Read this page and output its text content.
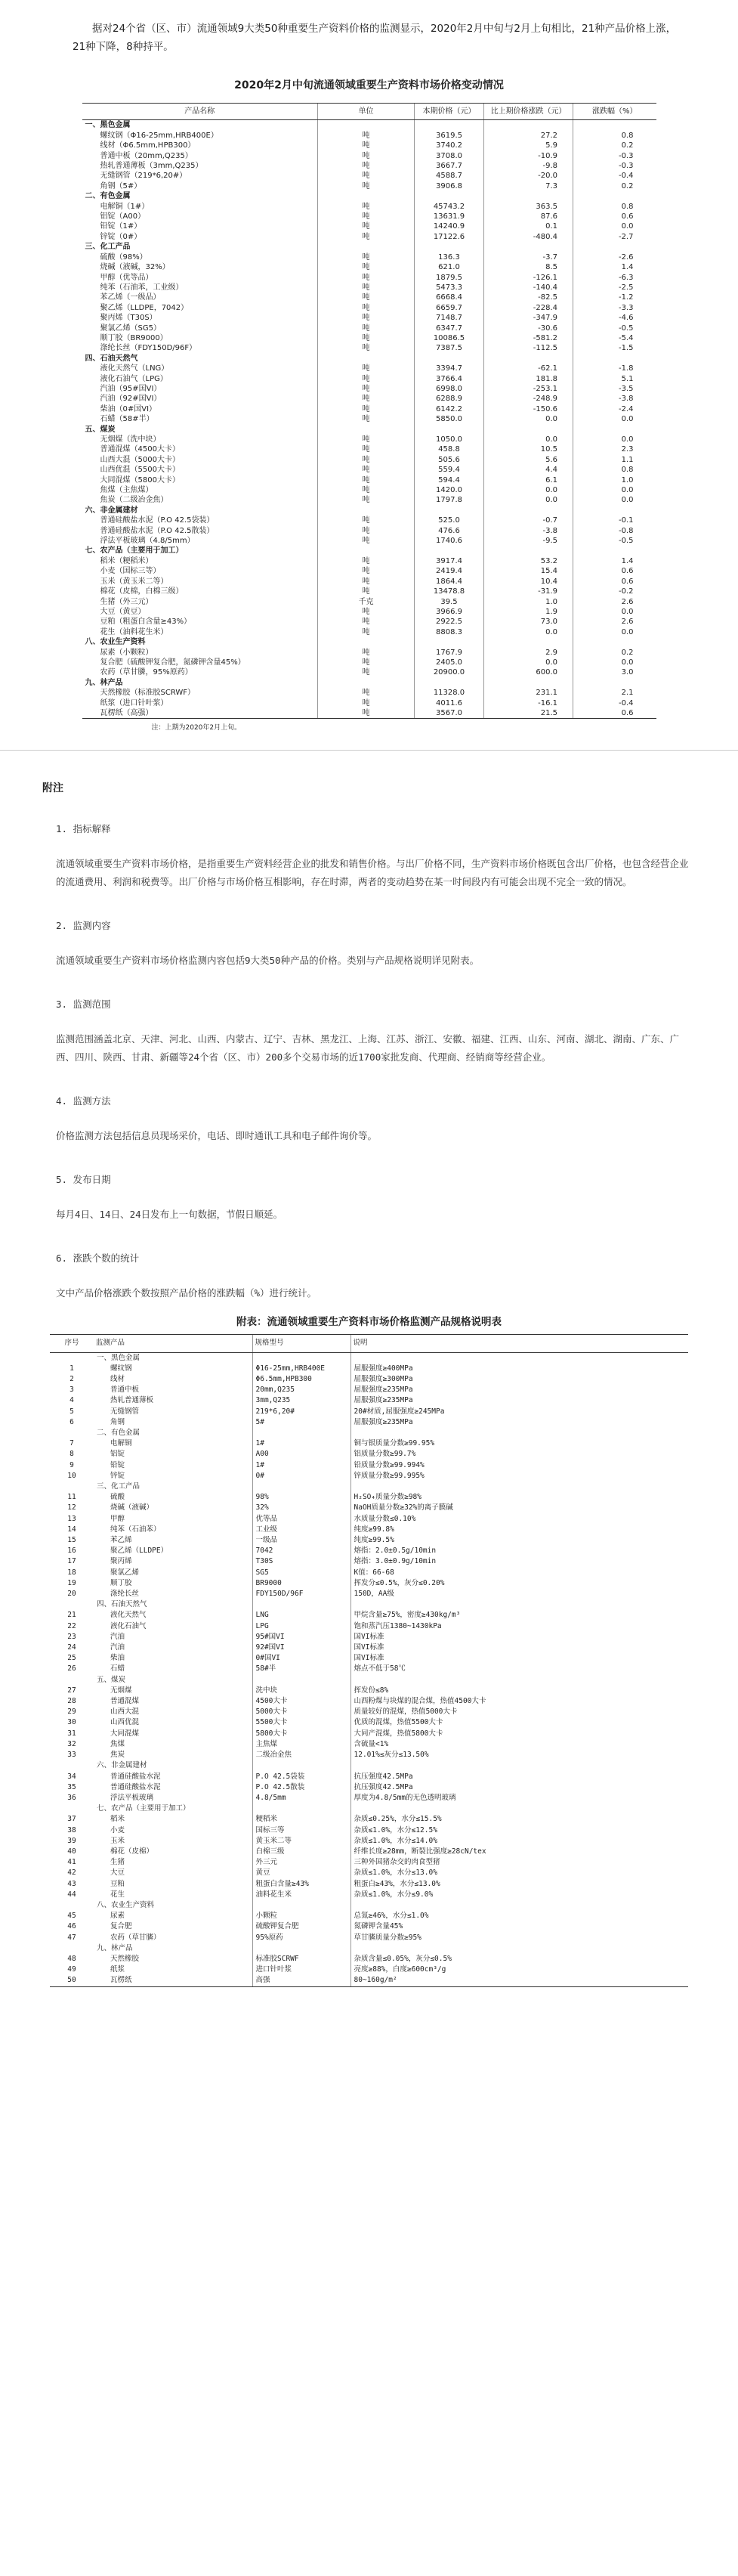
据对24个省（区、市）流通领域9大类50种重要生产资料价格的监测显示，2020年2月中旬与2月上旬相比，21种产品价格上涨，21种下降，8种持平。

2020年2月中旬流通领域重要生产资料市场价格变动情况
产品名称	单位	本期价格（元）	比上期价格涨跌（元）	涨跌幅（%）
一、黑色金属				
螺纹钢（Φ16-25mm,HRB400E）	吨	3619.5	27.2	0.8
线材（Φ6.5mm,HPB300）	吨	3740.2	5.9	0.2
普通中板（20mm,Q235）	吨	3708.0	-10.9	-0.3
热轧普通薄板（3mm,Q235）	吨	3667.7	-9.8	-0.3
无缝钢管（219*6,20#）	吨	4588.7	-20.0	-0.4
角钢（5#）	吨	3906.8	7.3	0.2
二、有色金属				
电解铜（1#）	吨	45743.2	363.5	0.8
铝锭（A00）	吨	13631.9	87.6	0.6
铅锭（1#）	吨	14240.9	0.1	0.0
锌锭（0#）	吨	17122.6	-480.4	-2.7
三、化工产品				
硫酸（98%）	吨	136.3	-3.7	-2.6
烧碱（液碱，32%）	吨	621.0	8.5	1.4
甲醇（优等品）	吨	1879.5	-126.1	-6.3
纯苯（石油苯，工业级）	吨	5473.3	-140.4	-2.5
苯乙烯（一级品）	吨	6668.4	-82.5	-1.2
聚乙烯（LLDPE，7042）	吨	6659.7	-228.4	-3.3
聚丙烯（T30S）	吨	7148.7	-347.9	-4.6
聚氯乙烯（SG5）	吨	6347.7	-30.6	-0.5
顺丁胶（BR9000）	吨	10086.5	-581.2	-5.4
涤纶长丝（FDY150D/96F）	吨	7387.5	-112.5	-1.5
四、石油天然气				
液化天然气（LNG）	吨	3394.7	-62.1	-1.8
液化石油气（LPG）	吨	3766.4	181.8	5.1
汽油（95#国VI）	吨	6998.0	-253.1	-3.5
汽油（92#国VI）	吨	6288.9	-248.9	-3.8
柴油（0#国VI）	吨	6142.2	-150.6	-2.4
石蜡（58#半）	吨	5850.0	0.0	0.0
五、煤炭				
无烟煤（洗中块）	吨	1050.0	0.0	0.0
普通混煤（4500大卡）	吨	458.8	10.5	2.3
山西大混（5000大卡）	吨	505.6	5.6	1.1
山西优混（5500大卡）	吨	559.4	4.4	0.8
大同混煤（5800大卡）	吨	594.4	6.1	1.0
焦煤（主焦煤）	吨	1420.0	0.0	0.0
焦炭（二级冶金焦）	吨	1797.8	0.0	0.0
六、非金属建材				
普通硅酸盐水泥（P.O 42.5袋装）	吨	525.0	-0.7	-0.1
普通硅酸盐水泥（P.O 42.5散装）	吨	476.6	-3.8	-0.8
浮法平板玻璃（4.8/5mm）	吨	1740.6	-9.5	-0.5
七、农产品（主要用于加工）				
稻米（粳稻米）	吨	3917.4	53.2	1.4
小麦（国标三等）	吨	2419.4	15.4	0.6
玉米（黄玉米二等）	吨	1864.4	10.4	0.6
棉花（皮棉，白棉三级）	吨	13478.8	-31.9	-0.2
生猪（外三元）	千克	39.5	1.0	2.6
大豆（黄豆）	吨	3966.9	1.9	0.0
豆粕（粗蛋白含量≥43%）	吨	2922.5	73.0	2.6
花生（油料花生米）	吨	8808.3	0.0	0.0
八、农业生产资料				
尿素（小颗粒）	吨	1767.9	2.9	0.2
复合肥（硫酸钾复合肥，氮磷钾含量45%）	吨	2405.0	0.0	0.0
农药（草甘膦，95%原药）	吨	20900.0	600.0	3.0
九、林产品				
天然橡胶（标准胶SCRWF）	吨	11328.0	231.1	2.1
纸浆（进口针叶浆）	吨	4011.6	-16.1	-0.4
瓦楞纸（高强）	吨	3567.0	21.5	0.6
注：上期为2020年2月上旬。
附注
1. 指标解释
流通领域重要生产资料市场价格，是指重要生产资料经营企业的批发和销售价格。与出厂价格不同，生产资料市场价格既包含出厂价格，也包含经营企业的流通费用、利润和税费等。出厂价格与市场价格互相影响，存在时滞，两者的变动趋势在某一时间段内有可能会出现不完全一致的情况。
2. 监测内容
流通领域重要生产资料市场价格监测内容包括9大类50种产品的价格。类别与产品规格说明详见附表。
3. 监测范围
监测范围涵盖北京、天津、河北、山西、内蒙古、辽宁、吉林、黑龙江、上海、江苏、浙江、安徽、福建、江西、山东、河南、湖北、湖南、广东、广西、四川、陕西、甘肃、新疆等24个省（区、市）200多个交易市场的近1700家批发商、代理商、经销商等经营企业。
4. 监测方法
价格监测方法包括信息员现场采价，电话、即时通讯工具和电子邮件询价等。
5. 发布日期
每月4日、14日、24日发布上一旬数据，节假日顺延。
6. 涨跌个数的统计
文中产品价格涨跌个数按照产品价格的涨跌幅（%）进行统计。
附表：流通领域重要生产资料市场价格监测产品规格说明表
序号	监测产品	规格型号	说明
	一、黑色金属		
1	螺纹钢	Φ16-25mm,HRB400E	屈服强度≥400MPa
2	线材	Φ6.5mm,HPB300	屈服强度≥300MPa
3	普通中板	20mm,Q235	屈服强度≥235MPa
4	热轧普通薄板	3mm,Q235	屈服强度≥235MPa
5	无缝钢管	219*6,20#	20#材质,屈服强度≥245MPa
6	角钢	5#	屈服强度≥235MPa
	二、有色金属		
7	电解铜	1#	铜与银质量分数≥99.95%
8	铝锭	A00	铝质量分数≥99.7%
9	铅锭	1#	铅质量分数≥99.994%
10	锌锭	0#	锌质量分数≥99.995%
	三、化工产品		
11	硫酸	98%	H₂SO₄质量分数≥98%
12	烧碱（液碱）	32%	NaOH质量分数≥32%的离子膜碱
13	甲醇	优等品	水质量分数≤0.10%
14	纯苯（石油苯）	工业级	纯度≥99.8%
15	苯乙烯	一级品	纯度≥99.5%
16	聚乙烯（LLDPE）	7042	熔指：2.0±0.5g/10min
17	聚丙烯	T30S	熔指：3.0±0.9g/10min
18	聚氯乙烯	SG5	K值：66-68
19	顺丁胶	BR9000	挥发分≤0.5%，灰分≤0.20%
20	涤纶长丝	FDY150D/96F	150D，AA级
	四、石油天然气		
21	液化天然气	LNG	甲烷含量≥75%，密度≥430kg/m³
22	液化石油气	LPG	饱和蒸汽压1380~1430kPa
23	汽油	95#国VI	国VI标准
24	汽油	92#国VI	国VI标准
25	柴油	0#国VI	国VI标准
26	石蜡	58#半	熔点不低于58℃
	五、煤炭		
27	无烟煤	洗中块	挥发份≤8%
28	普通混煤	4500大卡	山西粉煤与块煤的混合煤，热值4500大卡
29	山西大混	5000大卡	质量较好的混煤，热值5000大卡
30	山西优混	5500大卡	优质的混煤，热值5500大卡
31	大同混煤	5800大卡	大同产混煤，热值5800大卡
32	焦煤	主焦煤	含硫量<1%
33	焦炭	二级冶金焦	12.01%≤灰分≤13.50%
	六、非金属建材		
34	普通硅酸盐水泥	P.O 42.5袋装	抗压强度42.5MPa
35	普通硅酸盐水泥	P.O 42.5散装	抗压强度42.5MPa
36	浮法平板玻璃	4.8/5mm	厚度为4.8/5mm的无色透明玻璃
	七、农产品（主要用于加工）		
37	稻米	粳稻米	杂质≤0.25%，水分≤15.5%
38	小麦	国标三等	杂质≤1.0%，水分≤12.5%
39	玉米	黄玉米二等	杂质≤1.0%，水分≤14.0%
40	棉花（皮棉）	白棉三级	纤维长度≥28mm，断裂比强度≥28cN/tex
41	生猪	外三元	三种外国猪杂交的肉食型猪
42	大豆	黄豆	杂质≤1.0%，水分≤13.0%
43	豆粕	粗蛋白含量≥43%	粗蛋白≥43%，水分≤13.0%
44	花生	油料花生米	杂质≤1.0%，水分≤9.0%
	八、农业生产资料		
45	尿素	小颗粒	总氮≥46%，水分≤1.0%
46	复合肥	硫酸钾复合肥	氮磷钾含量45%
47	农药（草甘膦）	95%原药	草甘膦质量分数≥95%
	九、林产品		
48	天然橡胶	标准胶SCRWF	杂质含量≤0.05%，灰分≤0.5%
49	纸浆	进口针叶浆	亮度≥88%，白度≥600cm³/g
50	瓦楞纸	高强	80~160g/m²
